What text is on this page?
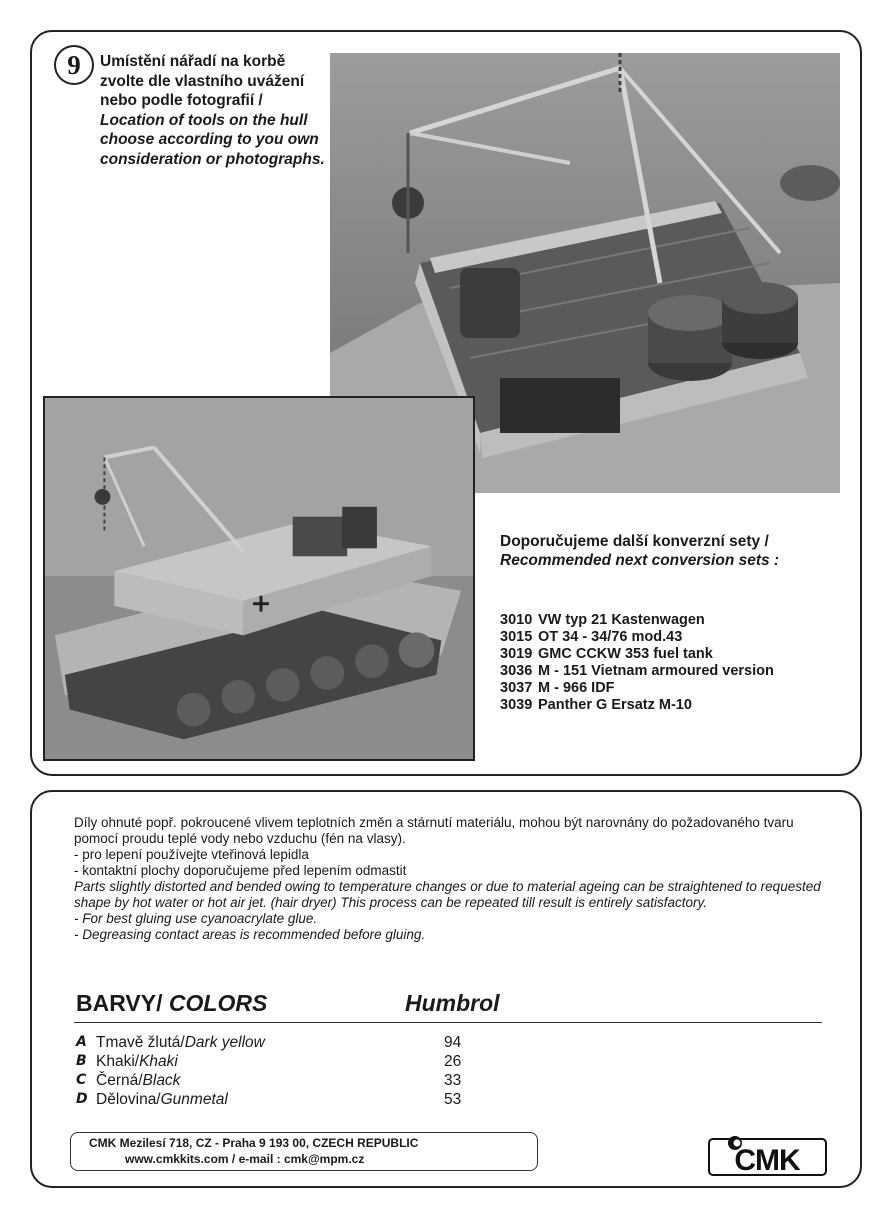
9 Umístění nářadí na korbě zvolte dle vlastního uvážení nebo podle fotografií /
Location of tools on the hull choose according to you own consideration or photographs.
Doporučujeme další konverzní sety /
Recommended next conversion sets :
3010 VW typ 21 Kastenwagen
3015 OT 34 - 34/76 mod.43
3019 GMC CCKW 353 fuel tank
3036 M - 151 Vietnam armoured version
3037 M - 966 IDF
3039 Panther G Ersatz M-10
Díly ohnuté popř. pokroucené vlivem teplotních změn a stárnutí materiálu, mohou být narovnány do požadovaného tvaru pomocí proudu teplé vody nebo vzduchu (fén na vlasy).
- pro lepení používejte vteřinová lepidla
- kontaktní plochy doporučujeme před lepením odmastit
Parts slightly distorted and bended owing to temperature changes or due to material ageing can be straightened to requested shape by hot water or hot air jet. (hair dryer) This process can be repeated till result is entirely satisfactory.
- For best gluing use cyanoacrylate glue.
- Degreasing contact areas is recommended before gluing.
BARVY/ COLORS	Humbrol
A Tmavě žlutá/Dark yellow	94
B Khaki/Khaki	26
C Černá/Black	33
D Dělovina/Gunmetal	53
CMK Mezilesí 718, CZ - Praha 9 193 00, CZECH REPUBLIC
www.cmkkits.com / e-mail : cmk@mpm.cz	CMK
